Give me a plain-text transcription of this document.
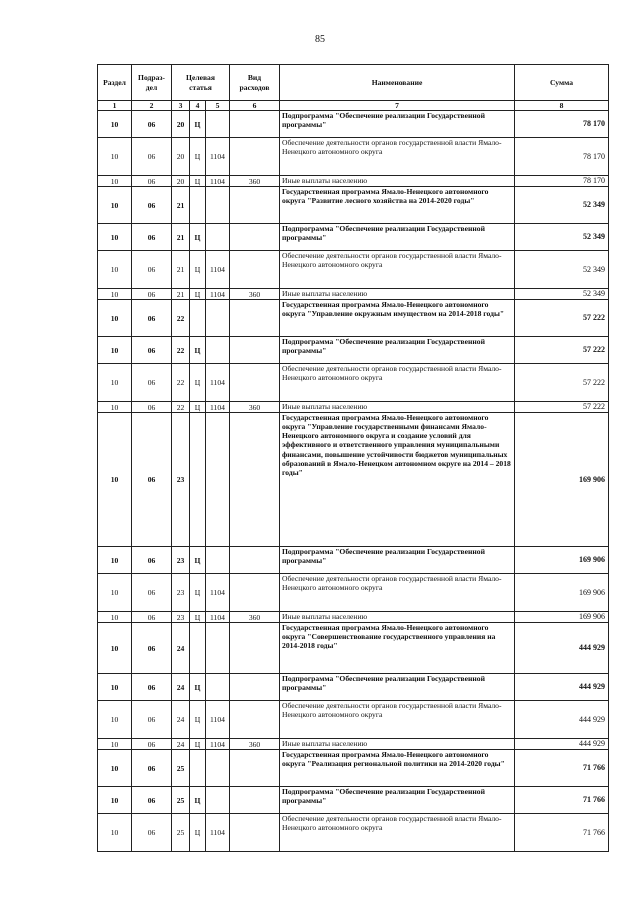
85
Раздел	Подраз-дел	Целевая статья			Вид расходов	Наименование	Сумма
1	2	3	4	5	6	7	8
10	06	20	Ц			Подпрограмма "Обеспечение реализации Государственной программы"	78 170
10	06	20	Ц	1104		Обеспечение деятельности органов государственной власти Ямало-Ненецкого автономного округа	78 170
10	06	20	Ц	1104	360	Иные выплаты населению	78 170
10	06	21				Государственная программа Ямало-Ненецкого автономного округа "Развитие лесного хозяйства на 2014-2020 годы"	52 349
10	06	21	Ц			Подпрограмма "Обеспечение реализации Государственной программы"	52 349
10	06	21	Ц	1104		Обеспечение деятельности органов государственной власти Ямало-Ненецкого автономного округа	52 349
10	06	21	Ц	1104	360	Иные выплаты населению	52 349
10	06	22				Государственная программа Ямало-Ненецкого автономного округа "Управление окружным имуществом на 2014-2018 годы"	57 222
10	06	22	Ц			Подпрограмма "Обеспечение реализации Государственной программы"	57 222
10	06	22	Ц	1104		Обеспечение деятельности органов государственной власти Ямало-Ненецкого автономного округа	57 222
10	06	22	Ц	1104	360	Иные выплаты населению	57 222
10	06	23				Государственная программа Ямало-Ненецкого автономного округа "Управление государственными финансами Ямало-Ненецкого автономного округа и создание условий для эффективного и ответственного управления муниципальными финансами, повышение устойчивости бюджетов муниципальных образований в Ямало-Ненецком автономном округе на 2014 – 2018 годы"	169 906
10	06	23	Ц			Подпрограмма "Обеспечение реализации Государственной программы"	169 906
10	06	23	Ц	1104		Обеспечение деятельности органов государственной власти Ямало-Ненецкого автономного округа	169 906
10	06	23	Ц	1104	360	Иные выплаты населению	169 906
10	06	24				Государственная программа Ямало-Ненецкого автономного округа "Совершенствование государственного управления на 2014-2018 годы"	444 929
10	06	24	Ц			Подпрограмма "Обеспечение реализации Государственной программы"	444 929
10	06	24	Ц	1104		Обеспечение деятельности органов государственной власти Ямало-Ненецкого автономного округа	444 929
10	06	24	Ц	1104	360	Иные выплаты населению	444 929
10	06	25				Государственная программа Ямало-Ненецкого автономного округа "Реализация региональной политики на 2014-2020 годы"	71 766
10	06	25	Ц			Подпрограмма "Обеспечение реализации Государственной программы"	71 766
10	06	25	Ц	1104		Обеспечение деятельности органов государственной власти Ямало-Ненецкого автономного округа	71 766
